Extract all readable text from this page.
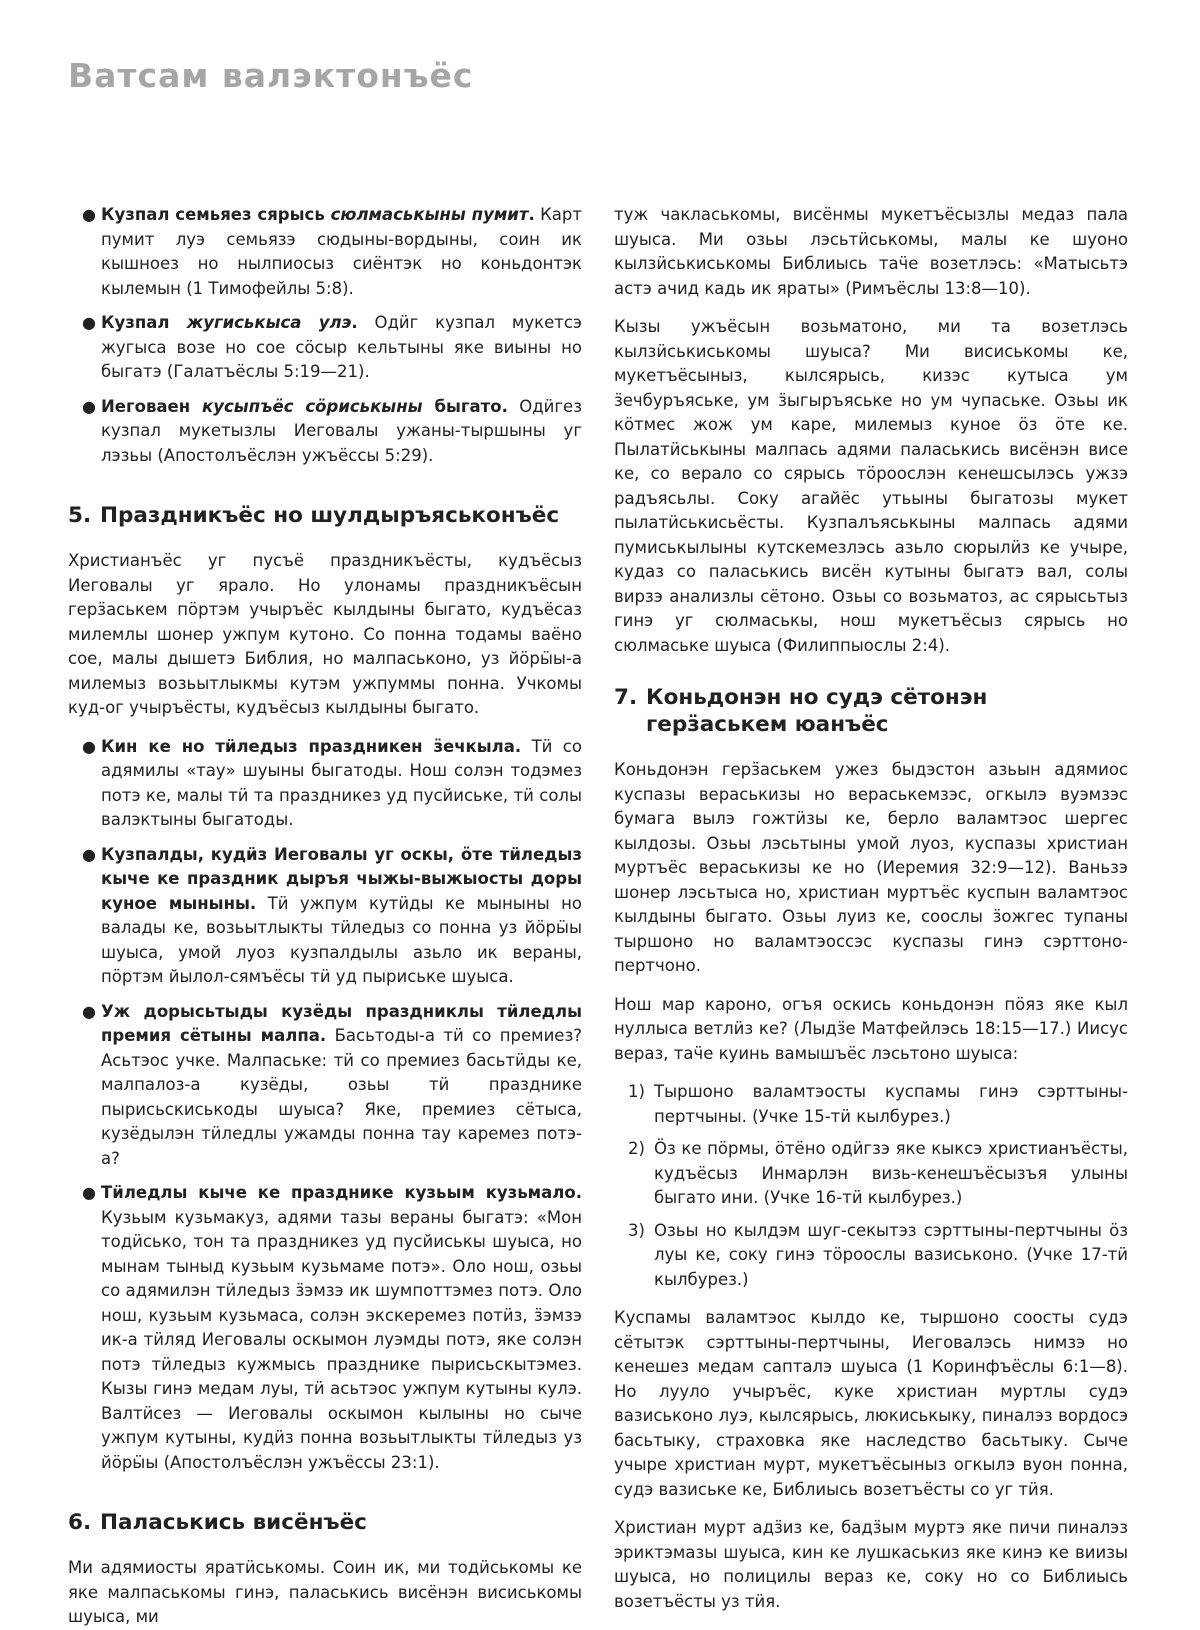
Ватсам валэктонъёс
● Кузпал семьяез сярысь сюлмаськыны пумит. Карт пумит луэ семьязэ сюдыны-вордыны, соин ик кышноез но нылпиосыз сиёнтэк но коньдонтэк кылемын (1 Тимофейлы 5:8).
● Кузпал жугиськыса улэ. Одӥг кузпал мукетсэ жугыса возе но сое сӧсыр кельтыны яке виыны но быгатэ (Галатъёслы 5:19—21).
● Иеговаен кусыпъёс сӧриськыны быгато. Одӥгез кузпал мукетызлы Иеговалы ужаны-тыршыны уг лэзьы (Апостолъёслэн ужъёссы 5:29).
5. Праздникъёс но шулдыръяськонъёс

Христианъёс уг пусъё праздникъёсты, кудъёсыз Иеговалы уг ярало. Но улонамы праздникъёсын герӟаськем пӧртэм учыръёс кылдыны быгато, кудъёсаз милемлы шонер ужпум кутоно. Со понна тодамы ваёно сое, малы дышетэ Библия, но малпаськоно, уз йӧрӹы-а милемыз возьытлыкмы кутэм ужпуммы понна. Учкомы куд-ог учыръёсты, кудъёсыз кылдыны быгато.

● Кин ке но тӥледыз праздникен ӟечкыла. Тӥ со адямилы «тау» шуыны быгатоды. Нош солэн тодэмез потэ ке, малы тӥ та праздникез уд пусйиське, тӥ солы валэктыны быгатоды.
● Кузпалды, кудӥз Иеговалы уг оскы, ӧте тӥледыз кыче ке праздник дыръя чыжы-выжыосты доры куноe мыныны. Тӥ ужпум кутӥды ке мыныны но валады ке, возьытлыкты тӥледыз со понна уз йӧрӹы шуыса, умой луоз кузпалдылы азьло ик вераны, пӧртэм йылол-сямъёсы тӥ уд пыриське шуыса.
● Уж дорысьтыды кузёды праздниклы тӥледлы премия сётыны малпа. Басьтоды-а тӥ со премиез? Асьтэос учке. Малпаське: тӥ со премиез басьтӥды ке, малпалоз-а кузёды, озьы тӥ празднике пырисьскиськоды шуыса? Яке, премиез сётыса, кузёдылэн тӥледлы ужамды понна тау каремез потэ-а?
● Тӥледлы кыче ке празднике кузьым кузьмало. Кузьым кузьмакуз, адями тазы вераны быгатэ: «Мон тодӥсько, тон та праздникез уд пусйиськы шуыса, но мынам тыныд кузьым кузьмаме потэ». Оло нош, озьы со адямилэн тӥледыз ӟэмзэ ик шумпоттэмез потэ. Оло нош, кузьым кузьмаса, солэн экскеремез потӥз, ӟэмзэ ик-а тӥляд Иеговалы оскымон луэмды потэ, яке солэн потэ тӥледыз кужмысь празднике пырисьскытэмез. Кызы гинэ медам луы, тӥ асьтэос ужпум кутыны кулэ. Валтӥсез — Иеговалы оскымон кылыны но сыче ужпум кутыны, кудӥз понна возьытлыкты тӥледыз уз йӧрӹы (Апостолъёслэн ужъёссы 23:1).
6. Паласькись висёнъёс

Ми адямиосты яратӥськомы. Соин ик, ми тодӥськомы ке яке малпаськомы гинэ, паласькись висёнэн висиськомы шуыса, ми

туж чакласькомы, висёнмы мукетъёсызлы медаз пала шуыса. Ми озьы лэсьтӥськомы, малы ке шуоно кылзӥськиськомы Библиысь таӵе возетлэсь: «Матысьтэ астэ ачид кадь ик яраты» (Римъёслы 13:8—10).

Кызы ужъёсын возьматоно, ми та возетлэсь кылзӥськиськомы шуыса? Ми висиськомы ке, мукетъёсыныз, кылсярысь, кизэс кутыса ум ӟечбуръяське, ум ӟыгыръяське но ум чупаське. Озьы ик кӧтмес жож ум каре, милемыз куноe ӧз ӧте ке. Пылатӥськыны малпась адями паласькись висёнэн висе ке, со верало со сярысь тӧроослэн кенешсылэсь ужзэ радъясьлы. Соку агайёс утьыны быгатозы мукет пылатӥськисьёсты. Кузпалъяськыны малпась адями пумиськылыны кутскемезлэсь азьло сюрылӥз ке учыре, кудаз со паласькись висён кутыны быгатэ вал, солы вирзэ анализлы сётоно. Озьы со возьматоз, ас сярысьтыз гинэ уг сюлмаськы, нош мукетъёсыз сярысь но сюлмаське шуыса (Филиппыослы 2:4).

7. Коньдонэн но судэ сётонэн герӟаськем юанъёс

Коньдонэн герӟаськем ужез быдэстон азьын адямиос куспазы вераськизы но вераськемзэс, огкылэ вуэмзэс бумага вылэ гожтӥзы ке, берло валамтэос шергес кылдозы. Озьы лэсьтыны умой луоз, куспазы христиан муртъёс вераськизы ке но (Иеремия 32:9—12). Ваньзэ шонер лэсьтыса но, христиан муртъёс куспын валамтэос кылдыны быгато. Озьы луиз ке, сооcлы ӟожгес тупаны тыршоно но валамтэоссэс куспазы гинэ сэрттоно-пертчоно.

Нош мар кароно, огъя оскись коньдонэн пӧяз яке кыл нуллыса ветлӥз ке? (Лыдӟе Матфейлэсь 18:15—17.) Иисус вераз, таӵе куинь вамышъёс лэсьтоно шуыса:

1) Тыршоно валамтэосты куспамы гинэ сэрттыны-пертчыны. (Учке 15-тӥ кылбурез.)
2) Ӧз ке пӧрмы, ӧтёно одӥгзэ яке кыксэ христианъёсты, кудъёсыз Инмарлэн визь-кенешъёсызъя улыны быгато ини. (Учке 16-тӥ кылбурез.)
3) Озьы но кылдэм шуг-секытэз сэрттыны-пертчыны ӧз луы ке, соку гинэ тӧроослы вазиськоно. (Учке 17-тӥ кылбурез.)

Куспамы валамтэос кылдо ке, тыршоно соосты судэ сётытэк сэрттыны-пертчыны, Иеговалэсь нимзэ но кенешез медам сапталэ шуыса (1 Коринфъёслы 6:1—8). Но лууло учыръёс, куке христиан муртлы судэ вазиськоно луэ, кылсярысь, люкиськыку, пиналэз вордосэ басьтыку, страховка яке наследство басьтыку. Сыче учыре христиан мурт, мукетъёсыныз огкылэ вуон понна, судэ вазиське ке, Библиысь возетъёсты со уг тӥя.

Христиан мурт адӟиз ке, бадӟым муртэ яке пичи пиналэз эриктэмазы шуыса, кин ке лушкаськиз яке кинэ ке виизы шуыса, но полицилы вераз ке, соку но со Библиысь возетъёсты уз тӥя.
